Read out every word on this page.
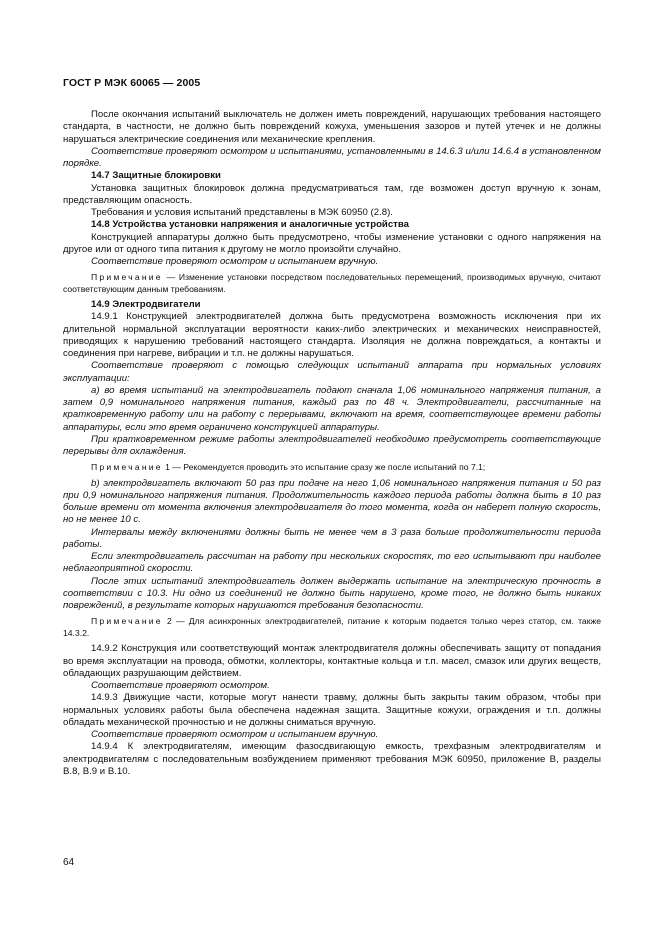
ГОСТ Р МЭК 60065 — 2005

После окончания испытаний выключатель не должен иметь повреждений, нарушающих требования настоящего стандарта, в частности, не должно быть повреждений кожуха, уменьшения зазоров и путей утечек и не должны нарушаться электрические соединения или механические крепления.

Соответствие проверяют осмотром и испытаниями, установленными в 14.6.3 и/или 14.6.4 в установленном порядке.

14.7 Защитные блокировки

Установка защитных блокировок должна предусматриваться там, где возможен доступ вручную к зонам, представляющим опасность.

Требования и условия испытаний представлены в МЭК 60950 (2.8).

14.8 Устройства установки напряжения и аналогичные устройства

Конструкцией аппаратуры должно быть предусмотрено, чтобы изменение установки с одного напряжения на другое или от одного типа питания к другому не могло произойти случайно.

Соответствие проверяют осмотром и испытанием вручную.

Примечание — Изменение установки посредством последовательных перемещений, производимых вручную, считают соответствующим данным требованиям.

14.9 Электродвигатели

14.9.1 Конструкцией электродвигателей должна быть предусмотрена возможность исключения при их длительной нормальной эксплуатации вероятности каких-либо электрических и механических неисправностей, приводящих к нарушению требований настоящего стандарта. Изоляция не должна повреждаться, а контакты и соединения при нагреве, вибрации и т.п. не должны нарушаться.

Соответствие проверяют с помощью следующих испытаний аппарата при нормальных условиях эксплуатации:

а) во время испытаний на электродвигатель подают сначала 1,06 номинального напряжения питания, а затем 0,9 номинального напряжения питания, каждый раз по 48 ч. Электродвигатели, рассчитанные на кратковременную работу или на работу с перерывами, включают на время, соответствующее времени работы аппаратуры, если это время ограничено конструкцией аппаратуры.

При кратковременном режиме работы электродвигателей необходимо предусмотреть соответствующие перерывы для охлаждения.

Примечание 1 — Рекомендуется проводить это испытание сразу же после испытаний по 7.1;

b) электродвигатель включают 50 раз при подаче на него 1,06 номинального напряжения питания и 50 раз при 0,9 номинального напряжения питания. Продолжительность каждого периода работы должна быть в 10 раз больше времени от момента включения электродвигателя до того момента, когда он наберет полную скорость, но не менее 10 с.

Интервалы между включениями должны быть не менее чем в 3 раза больше продолжительности периода работы.

Если электродвигатель рассчитан на работу при нескольких скоростях, то его испытывают при наиболее неблагоприятной скорости.

После этих испытаний электродвигатель должен выдержать испытание на электрическую прочность в соответствии с 10.3. Ни одно из соединений не должно быть нарушено, кроме того, не должно быть никаких повреждений, в результате которых нарушаются требования безопасности.

Примечание 2 — Для асинхронных электродвигателей, питание к которым подается только через статор, см. также 14.3.2.

14.9.2 Конструкция или соответствующий монтаж электродвигателя должны обеспечивать защиту от попадания во время эксплуатации на провода, обмотки, коллекторы, контактные кольца и т.п. масел, смазок или других веществ, обладающих разрушающим действием.

Соответствие проверяют осмотром.

14.9.3 Движущие части, которые могут нанести травму, должны быть закрыты таким образом, чтобы при нормальных условиях работы была обеспечена надежная защита. Защитные кожухи, ограждения и т.п. должны обладать механической прочностью и не должны сниматься вручную.

Соответствие проверяют осмотром и испытанием вручную.

14.9.4 К электродвигателям, имеющим фазосдвигающую емкость, трехфазным электродвигателям и электродвигателям с последовательным возбуждением применяют требования МЭК 60950, приложение В, разделы В.8, В.9 и В.10.

64
